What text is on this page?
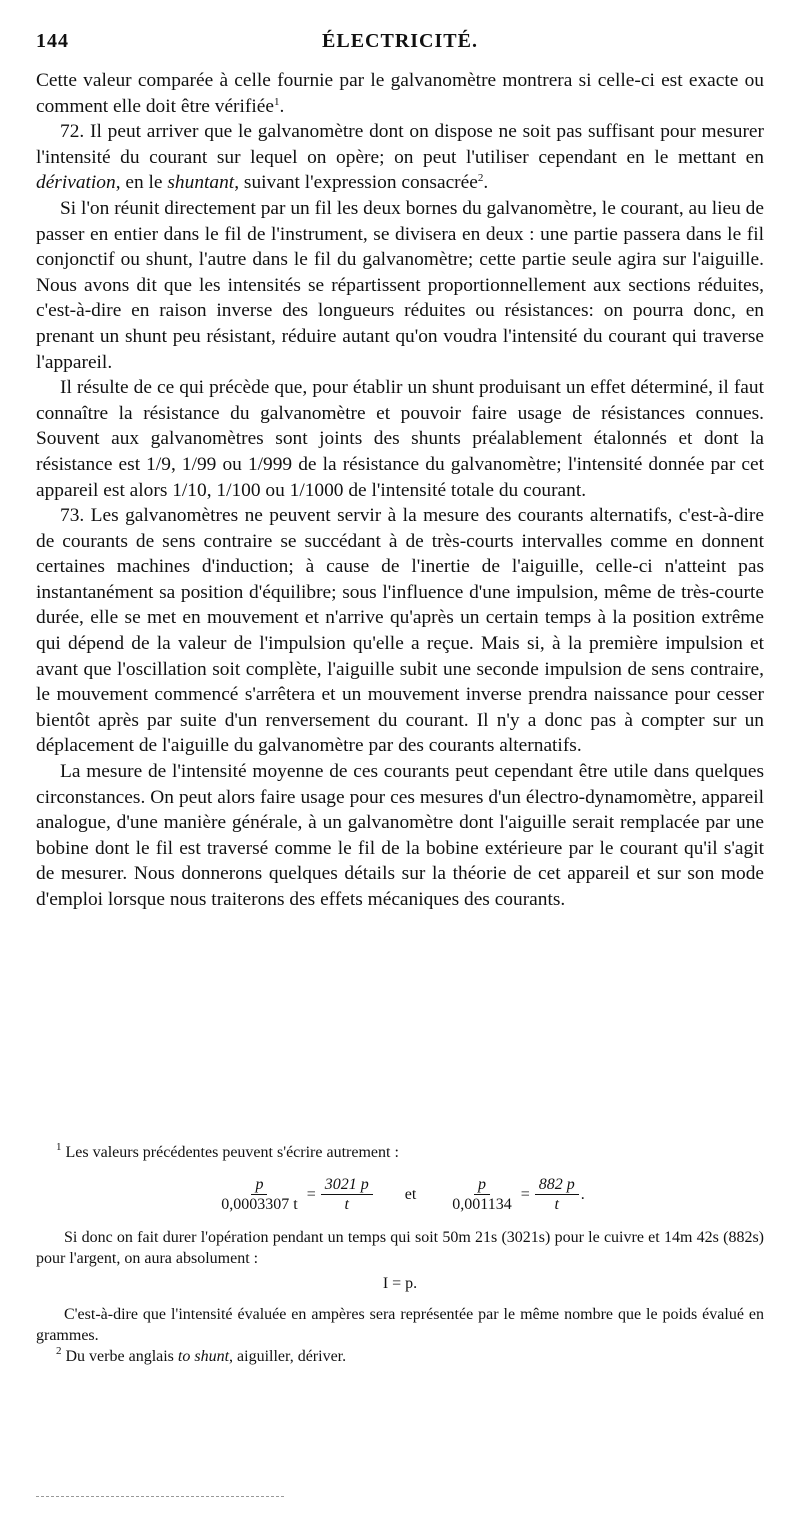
144	ÉLECTRICITÉ.

Cette valeur comparée à celle fournie par le galvanomètre montrera si celle-ci est exacte ou comment elle doit être vérifiée$^1$.

72. Il peut arriver que le galvanomètre dont on dispose ne soit pas suffisant pour mesurer l'intensité du courant sur lequel on opère; on peut l'utiliser cependant en le mettant en dérivation, en le shuntant, suivant l'expression consacrée$^2$.

Si l'on réunit directement par un fil les deux bornes du galvanomètre, le courant, au lieu de passer en entier dans le fil de l'instrument, se divisera en deux : une partie passera dans le fil conjonctif ou shunt, l'autre dans le fil du galvanomètre; cette partie seule agira sur l'aiguille. Nous avons dit que les intensités se répartissent proportionnellement aux sections réduites, c'est-à-dire en raison inverse des longueurs réduites ou résistances: on pourra donc, en prenant un shunt peu résistant, réduire autant qu'on voudra l'intensité du courant qui traverse l'appareil.

Il résulte de ce qui précède que, pour établir un shunt produisant un effet déterminé, il faut connaître la résistance du galvanomètre et pouvoir faire usage de résistances connues. Souvent aux galvanomètres sont joints des shunts préalablement étalonnés et dont la résistance est 1/9, 1/99 ou 1/999 de la résistance du galvanomètre; l'intensité donnée par cet appareil est alors 1/10, 1/100 ou 1/1000 de l'intensité totale du courant.

73. Les galvanomètres ne peuvent servir à la mesure des courants alternatifs, c'est-à-dire de courants de sens contraire se succédant à de très-courts intervalles comme en donnent certaines machines d'induction; à cause de l'inertie de l'aiguille, celle-ci n'atteint pas instantanément sa position d'équilibre; sous l'influence d'une impulsion, même de très-courte durée, elle se met en mouvement et n'arrive qu'après un certain temps à la position extrême qui dépend de la valeur de l'impulsion qu'elle a reçue. Mais si, à la première impulsion et avant que l'oscillation soit complète, l'aiguille subit une seconde impulsion de sens contraire, le mouvement commencé s'arrêtera et un mouvement inverse prendra naissance pour cesser bientôt après par suite d'un renversement du courant. Il n'y a donc pas à compter sur un déplacement de l'aiguille du galvanomètre par des courants alternatifs.

La mesure de l'intensité moyenne de ces courants peut cependant être utile dans quelques circonstances. On peut alors faire usage pour ces mesures d'un électro-dynamomètre, appareil analogue, d'une manière générale, à un galvanomètre dont l'aiguille serait remplacée par une bobine dont le fil est traversé comme le fil de la bobine extérieure par le courant qu'il s'agit de mesurer. Nous donnerons quelques détails sur la théorie de cet appareil et sur son mode d'emploi lorsque nous traiterons des effets mécaniques des courants.

$^1$ Les valeurs précédentes peuvent s'écrire autrement :

$\frac{p}{0,0003307 t} = \frac{3021 p}{t}$ et $\frac{p}{0,001134} = \frac{882 p}{t}$ .

Si donc on fait durer l'opération pendant un temps qui soit 50m 21s (3021s) pour le cuivre et 14m 42s (882s) pour l'argent, on aura absolument :

I = p.

C'est-à-dire que l'intensité évaluée en ampères sera représentée par le même nombre que le poids évalué en grammes.

$^2$ Du verbe anglais to shunt, aiguiller, dériver.
